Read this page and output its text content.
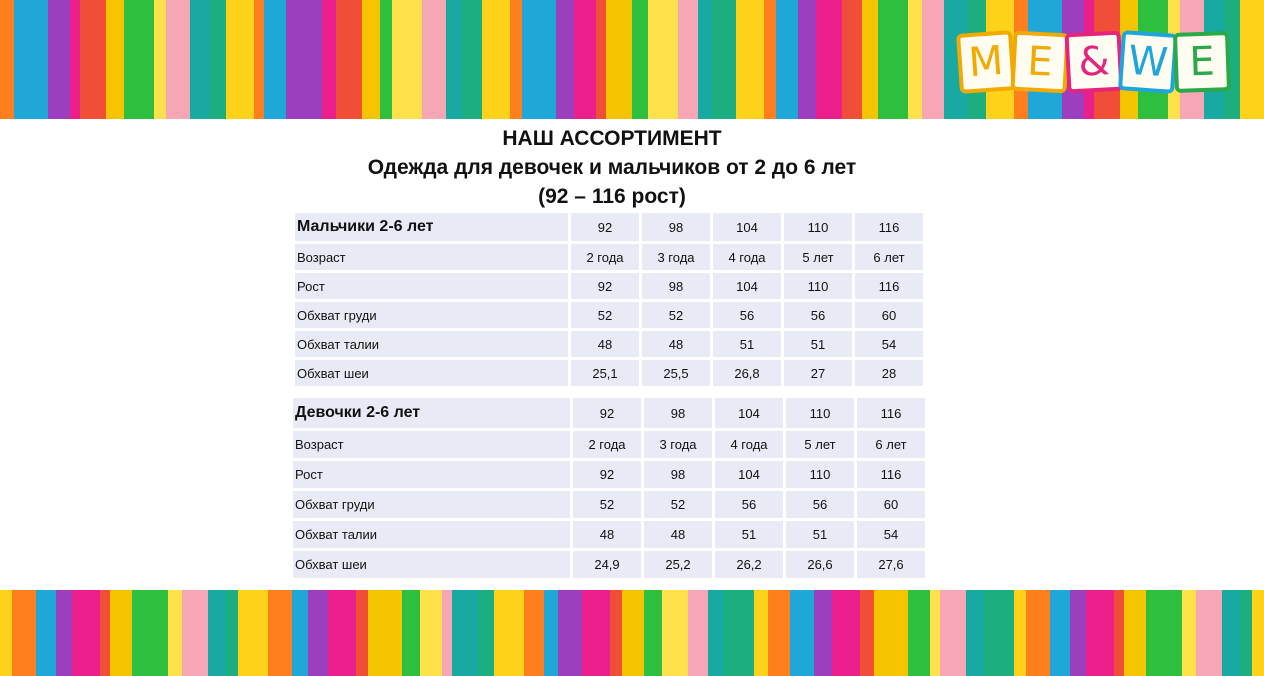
M E & W E
НАШ АССОРТИМЕНТ
Одежда для девочек и мальчиков от 2 до 6 лет
(92 – 116 рост)
Мальчики 2-6 лет	92	98	104	110	116
Возраст	2 года	3 года	4 года	5 лет	6 лет
Рост	92	98	104	110	116
Обхват груди	52	52	56	56	60
Обхват талии	48	48	51	51	54
Обхват шеи	25,1	25,5	26,8	27	28
Девочки 2-6 лет	92	98	104	110	116
Возраст	2 года	3 года	4 года	5 лет	6 лет
Рост	92	98	104	110	116
Обхват груди	52	52	56	56	60
Обхват талии	48	48	51	51	54
Обхват шеи	24,9	25,2	26,2	26,6	27,6
